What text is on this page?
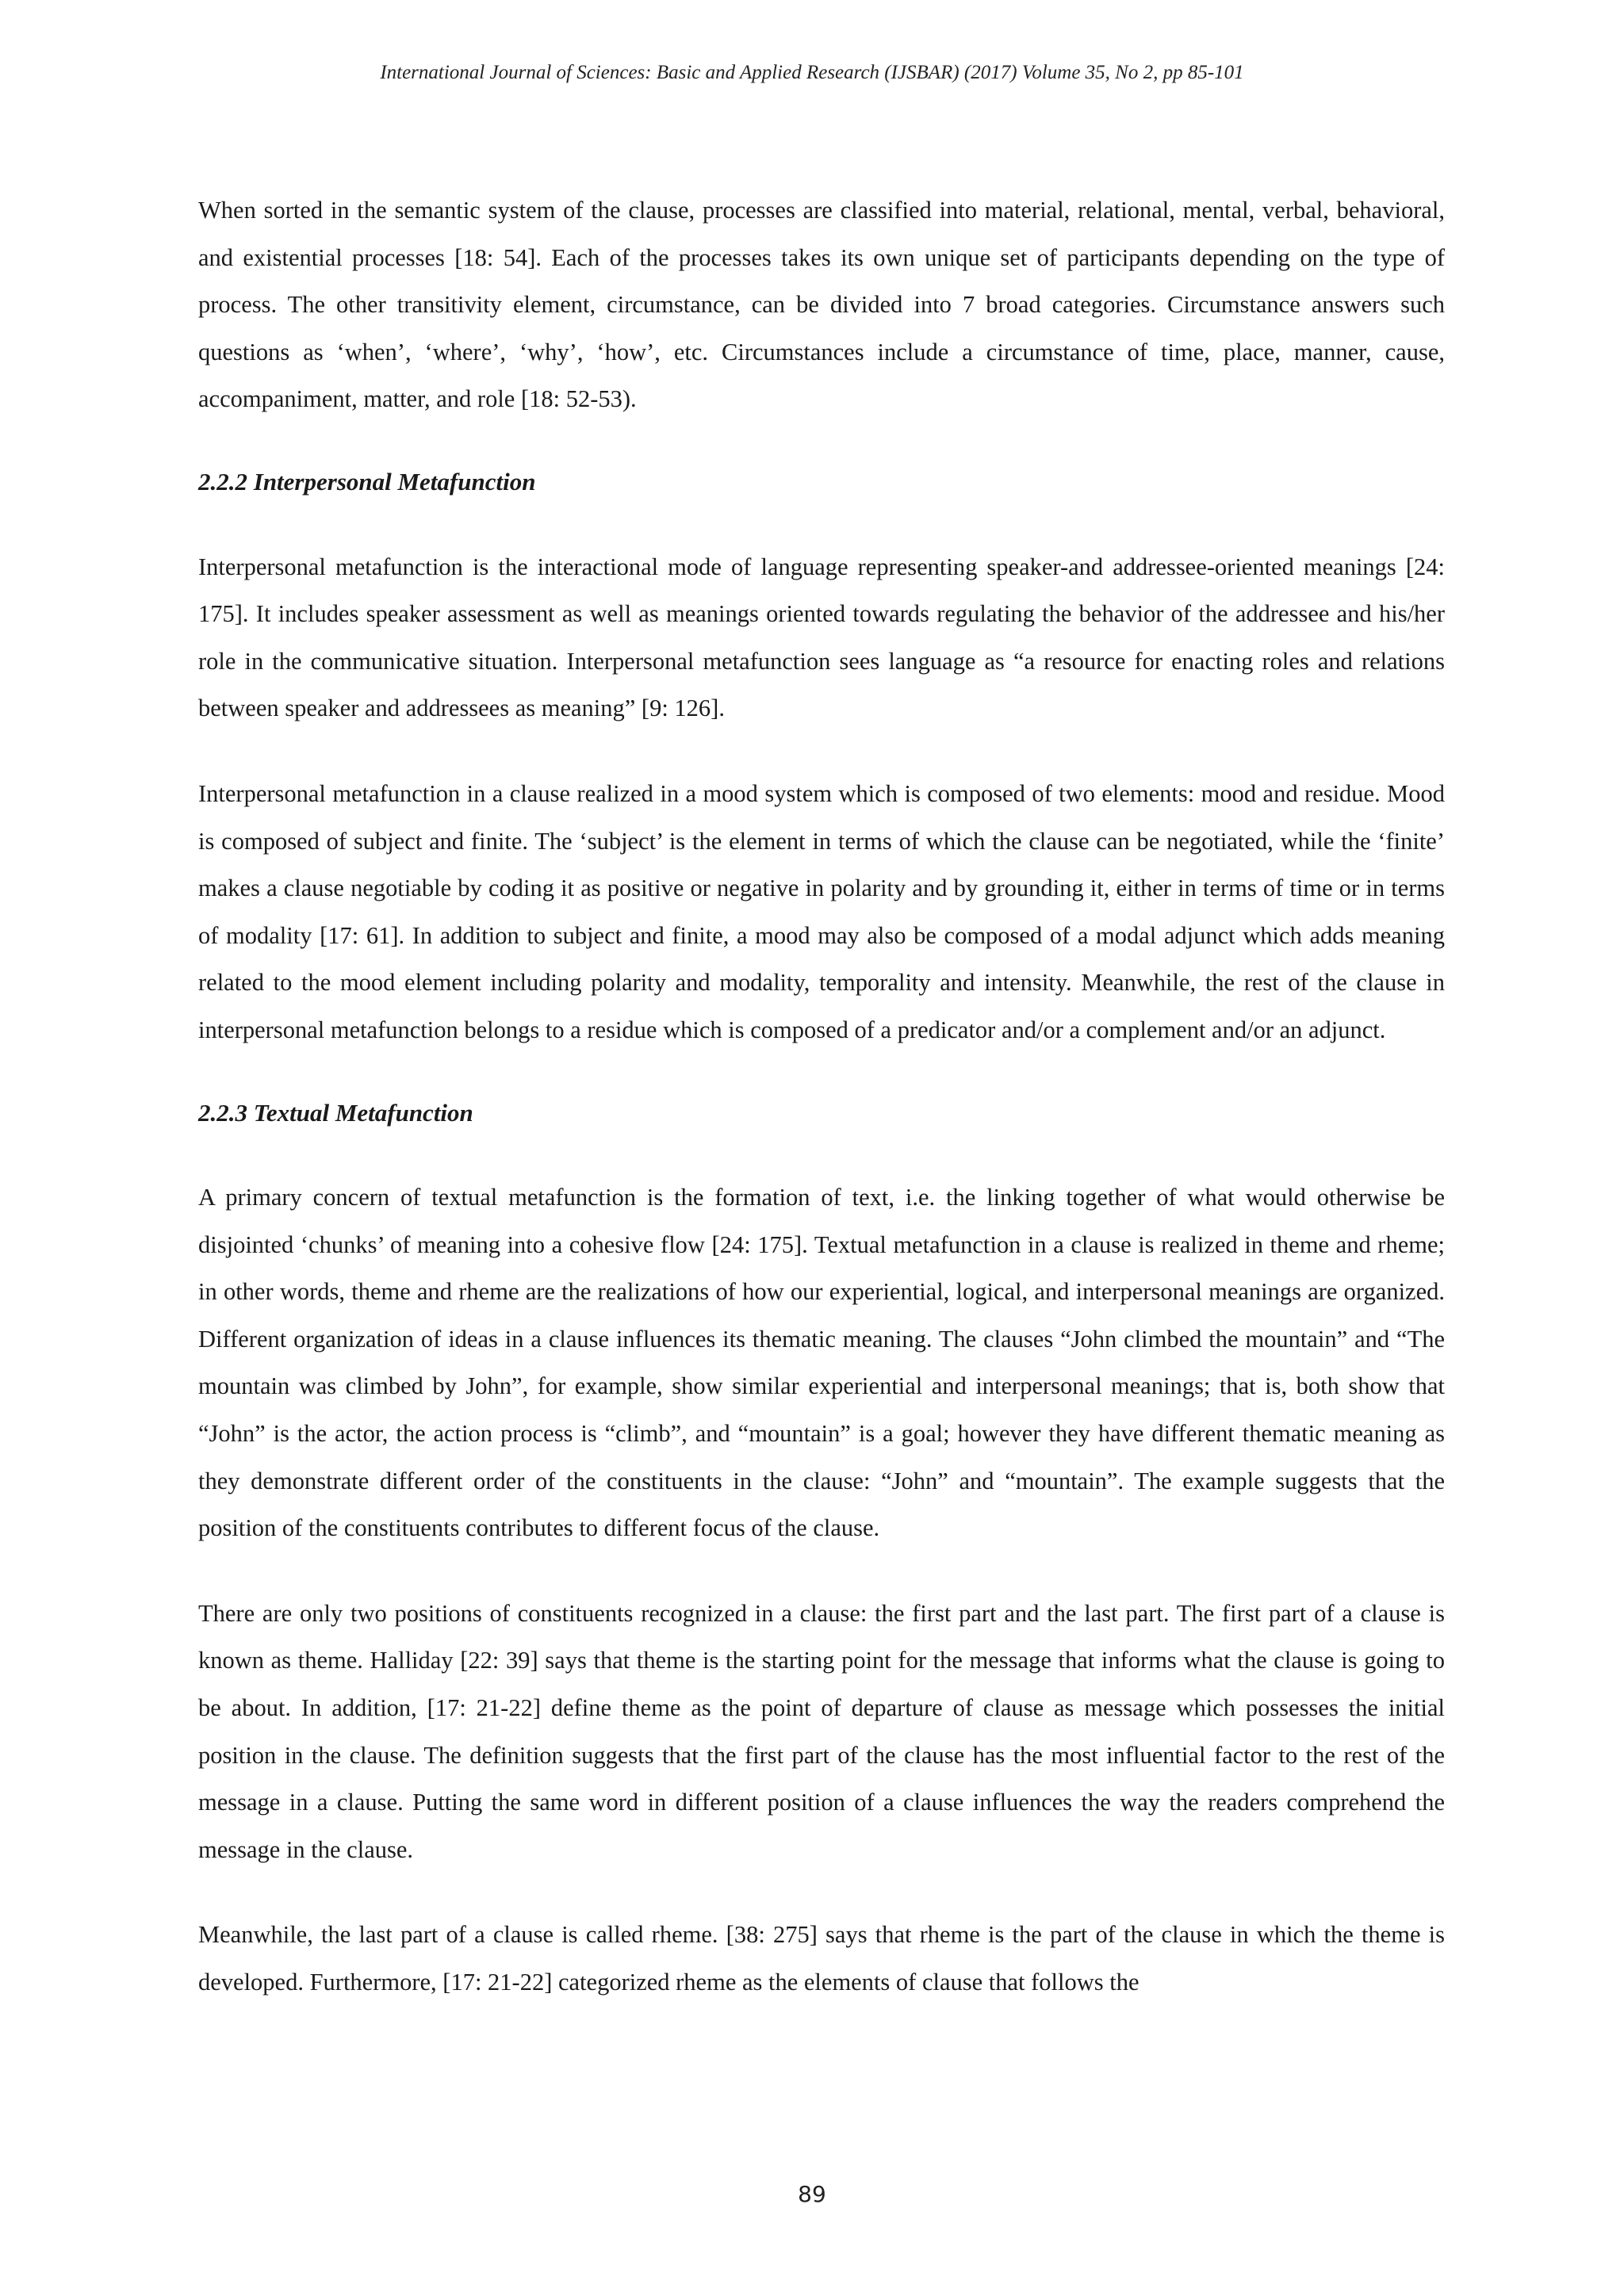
International Journal of Sciences: Basic and Applied Research (IJSBAR) (2017) Volume 35, No 2, pp 85-101

When sorted in the semantic system of the clause, processes are classified into material, relational, mental, verbal, behavioral, and existential processes [18: 54]. Each of the processes takes its own unique set of participants depending on the type of process. The other transitivity element, circumstance, can be divided into 7 broad categories. Circumstance answers such questions as ‘when’, ‘where’, ‘why’, ‘how’, etc. Circumstances include a circumstance of time, place, manner, cause, accompaniment, matter, and role [18: 52-53).

2.2.2 Interpersonal Metafunction

Interpersonal metafunction is the interactional mode of language representing speaker-and addressee-oriented meanings [24: 175]. It includes speaker assessment as well as meanings oriented towards regulating the behavior of the addressee and his/her role in the communicative situation. Interpersonal metafunction sees language as “a resource for enacting roles and relations between speaker and addressees as meaning” [9: 126].

Interpersonal metafunction in a clause realized in a mood system which is composed of two elements: mood and residue. Mood is composed of subject and finite. The ‘subject’ is the element in terms of which the clause can be negotiated, while the ‘finite’ makes a clause negotiable by coding it as positive or negative in polarity and by grounding it, either in terms of time or in terms of modality [17: 61]. In addition to subject and finite, a mood may also be composed of a modal adjunct which adds meaning related to the mood element including polarity and modality, temporality and intensity. Meanwhile, the rest of the clause in interpersonal metafunction belongs to a residue which is composed of a predicator and/or a complement and/or an adjunct.

2.2.3 Textual Metafunction

A primary concern of textual metafunction is the formation of text, i.e. the linking together of what would otherwise be disjointed ‘chunks’ of meaning into a cohesive flow [24: 175]. Textual metafunction in a clause is realized in theme and rheme; in other words, theme and rheme are the realizations of how our experiential, logical, and interpersonal meanings are organized. Different organization of ideas in a clause influences its thematic meaning. The clauses “John climbed the mountain” and “The mountain was climbed by John”, for example, show similar experiential and interpersonal meanings; that is, both show that “John” is the actor, the action process is “climb”, and “mountain” is a goal; however they have different thematic meaning as they demonstrate different order of the constituents in the clause: “John” and “mountain”. The example suggests that the position of the constituents contributes to different focus of the clause.

There are only two positions of constituents recognized in a clause: the first part and the last part. The first part of a clause is known as theme. Halliday [22: 39] says that theme is the starting point for the message that informs what the clause is going to be about. In addition, [17: 21-22] define theme as the point of departure of clause as message which possesses the initial position in the clause. The definition suggests that the first part of the clause has the most influential factor to the rest of the message in a clause. Putting the same word in different position of a clause influences the way the readers comprehend the message in the clause.

Meanwhile, the last part of a clause is called rheme. [38: 275] says that rheme is the part of the clause in which the theme is developed. Furthermore, [17: 21-22] categorized rheme as the elements of clause that follows the

89
